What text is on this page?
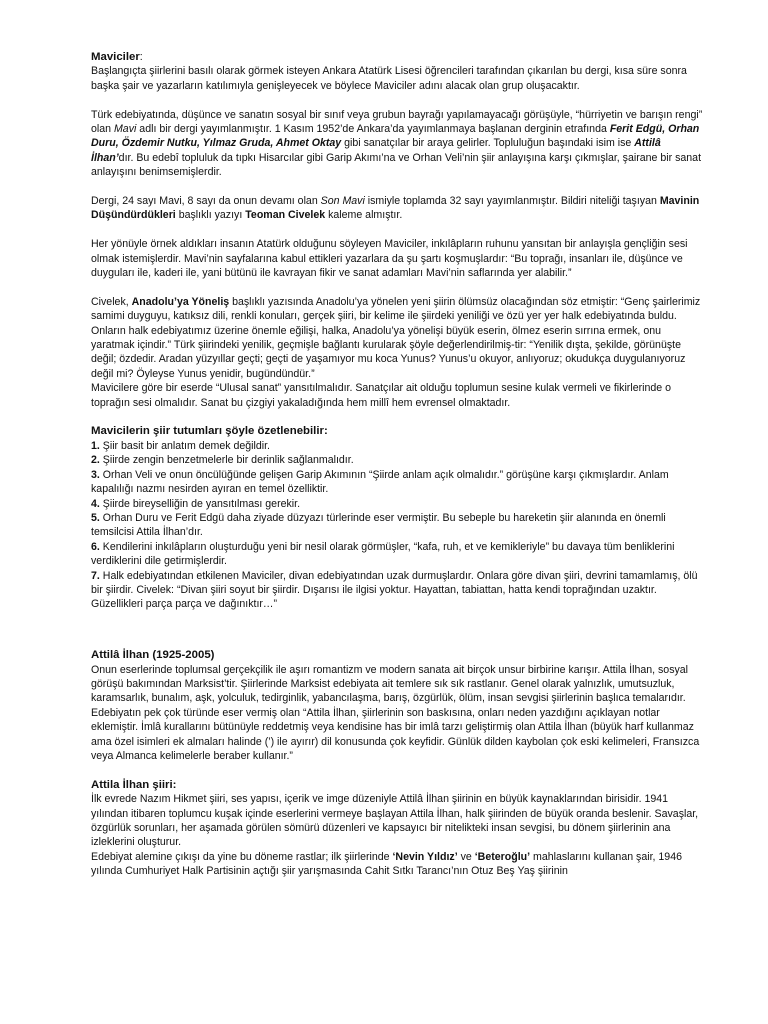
Maviciler:

Başlangıçta şiirlerini basılı olarak görmek isteyen Ankara Atatürk Lisesi öğrencileri tarafından çıkarılan bu dergi, kısa süre sonra başka şair ve yazarların katılımıyla genişleyecek ve böylece Maviciler adını alacak olan grup oluşacaktır.

Türk edebiyatında, düşünce ve sanatın sosyal bir sınıf veya grubun bayrağı yapılamayacağı görüşüyle, “hürriyetin ve barışın rengi” olan Mavi adlı bir dergi yayımlanmıştır. 1 Kasım 1952’de Ankara’da yayımlanmaya başlanan derginin etrafında Ferit Edgü, Orhan Duru, Özdemir Nutku, Yılmaz Gruda, Ahmet Oktay gibi sanatçılar bir araya gelirler. Topluluğun başındaki isim ise Attilâ İlhan’dır. Bu edebî topluluk da tıpkı Hisarcılar gibi Garip Akımı’na ve Orhan Veli’nin şiir anlayışına karşı çıkmışlar, şairane bir sanat anlayışını benimsemişlerdir.

Dergi, 24 sayı Mavi, 8 sayı da onun devamı olan Son Mavi ismiyle toplamda 32 sayı yayımlanmıştır. Bildiri niteliği taşıyan Mavinin Düşündürdükleri başlıklı yazıyı Teoman Civelek kaleme almıştır.

Her yönüyle örnek aldıkları insanın Atatürk olduğunu söyleyen Maviciler, inkılâpların ruhunu yansıtan bir anlayışla gençliğin sesi olmak istemişlerdir. Mavi’nin sayfalarına kabul ettikleri yazarlara da şu şartı koşmuşlardır: “Bu toprağı, insanları ile, düşünce ve duyguları ile, kaderi ile, yani bütünü ile kavrayan fikir ve sanat adamları Mavi’nin saflarında yer alabilir.”

Civelek, Anadolu’ya Yöneliş başlıklı yazısında Anadolu’ya yönelen yeni şiirin ölümsüz olacağından söz etmiştir: “Genç şairlerimiz samimi duyguyu, katıksız dili, renkli konuları, gerçek şiiri, bir kelime ile şiirdeki yeniliği ve özü yer yer halk edebiyatında buldu. Onların halk edebiyatımız üzerine önemle eğilişi, halka, Anadolu’ya yönelişi büyük eserin, ölmez eserin sırrına ermek, onu yaratmak içindir.” Türk şiirindeki yenilik, geçmişle bağlantı kurularak şöyle değerlendirilmiş-tir: “Yenilik dışta, şekilde, görünüşte değil; özdedir. Aradan yüzyıllar geçti; geçti de yaşamıyor mu koca Yunus? Yunus’u okuyor, anlıyoruz; okudukça duygulanıyoruz değil mi? Öyleyse Yunus yenidir, bugündündür.”

Mavicilere göre bir eserde “Ulusal sanat” yansıtılmalıdır. Sanatçılar ait olduğu toplumun sesine kulak vermeli ve fikirlerinde o toprağın sesi olmalıdır. Sanat bu çizgiyi yakaladığında hem millî hem evrensel olmaktadır.

Mavicilerin şiir tutumları şöyle özetlenebilir:

1. Şiir basit bir anlatım demek değildir.

2. Şiirde zengin benzetmelerle bir derinlik sağlanmalıdır.

3. Orhan Veli ve onun öncülüğünde gelişen Garip Akımının “Şiirde anlam açık olmalıdır.” görüşüne karşı çıkmışlardır. Anlam kapalılığı nazmı nesirden ayıran en temel özelliktir.

4. Şiirde bireyselliğin de yansıtılması gerekir.

5. Orhan Duru ve Ferit Edgü daha ziyade düzyazı türlerinde eser vermiştir. Bu sebeple bu hareketin şiir alanında en önemli temsilcisi Attila İlhan’dır.

6. Kendilerini inkılâpların oluşturduğu yeni bir nesil olarak görmüşler, “kafa, ruh, et ve kemikleriyle” bu davaya tüm benliklerini verdiklerini dile getirmişlerdir.

7. Halk edebiyatından etkilenen Maviciler, divan edebiyatından uzak durmuşlardır. Onlara göre divan şiiri, devrini tamamlamış, ölü bir şiirdir. Civelek: “Divan şiiri soyut bir şiirdir. Dışarısı ile ilgisi yoktur. Hayattan, tabiattan, hatta kendi toprağından uzaktır. Güzellikleri parça parça ve dağınıktır…”

Attilâ İlhan (1925-2005)

Onun eserlerinde toplumsal gerçekçilik ile aşırı romantizm ve modern sanata ait birçok unsur birbirine karışır. Attila İlhan, sosyal görüşü bakımından Marksist’tir. Şiirlerinde Marksist edebiyata ait temlere sık sık rastlanır. Genel olarak yalnızlık, umutsuzluk, karamsarlık, bunalım, aşk, yolculuk, tedirginlik, yabancılaşma, barış, özgürlük, ölüm, insan sevgisi şiirlerinin başlıca temalarıdır.

Edebiyatın pek çok türünde eser vermiş olan “Attila İlhan, şiirlerinin son baskısına, onları neden yazdığını açıklayan notlar eklemiştir. İmlâ kurallarını bütünüyle reddetmiş veya kendisine has bir imlâ tarzı geliştirmiş olan Attila İlhan (büyük harf kullanmaz ama özel isimleri ek almaları halinde (’) ile ayırır) dil konusunda çok keyfidir. Günlük dilden kaybolan çok eski kelimeleri, Fransızca veya Almanca kelimelerle beraber kullanır.”

Attila İlhan şiiri:

İlk evrede Nazım Hikmet şiiri, ses yapısı, içerik ve imge düzeniyle Attilâ İlhan şiirinin en büyük kaynaklarından birisidir. 1941 yılından itibaren toplumcu kuşak içinde eserlerini vermeye başlayan Attila İlhan, halk şiirinden de büyük oranda beslenir. Savaşlar, özgürlük sorunları, her aşamada görülen sömürü düzenleri ve kapsayıcı bir nitelikteki insan sevgisi, bu dönem şiirlerinin ana izleklerini oluşturur.

Edebiyat alemine çıkışı da yine bu döneme rastlar; ilk şiirlerinde ‘Nevin Yıldız’ ve ‘Beteroğlu’ mahlaslarını kullanan şair, 1946 yılında Cumhuriyet Halk Partisinin açtığı şiir yarışmasında Cahit Sıtkı Tarancı’nın Otuz Beş Yaş şiirinin
